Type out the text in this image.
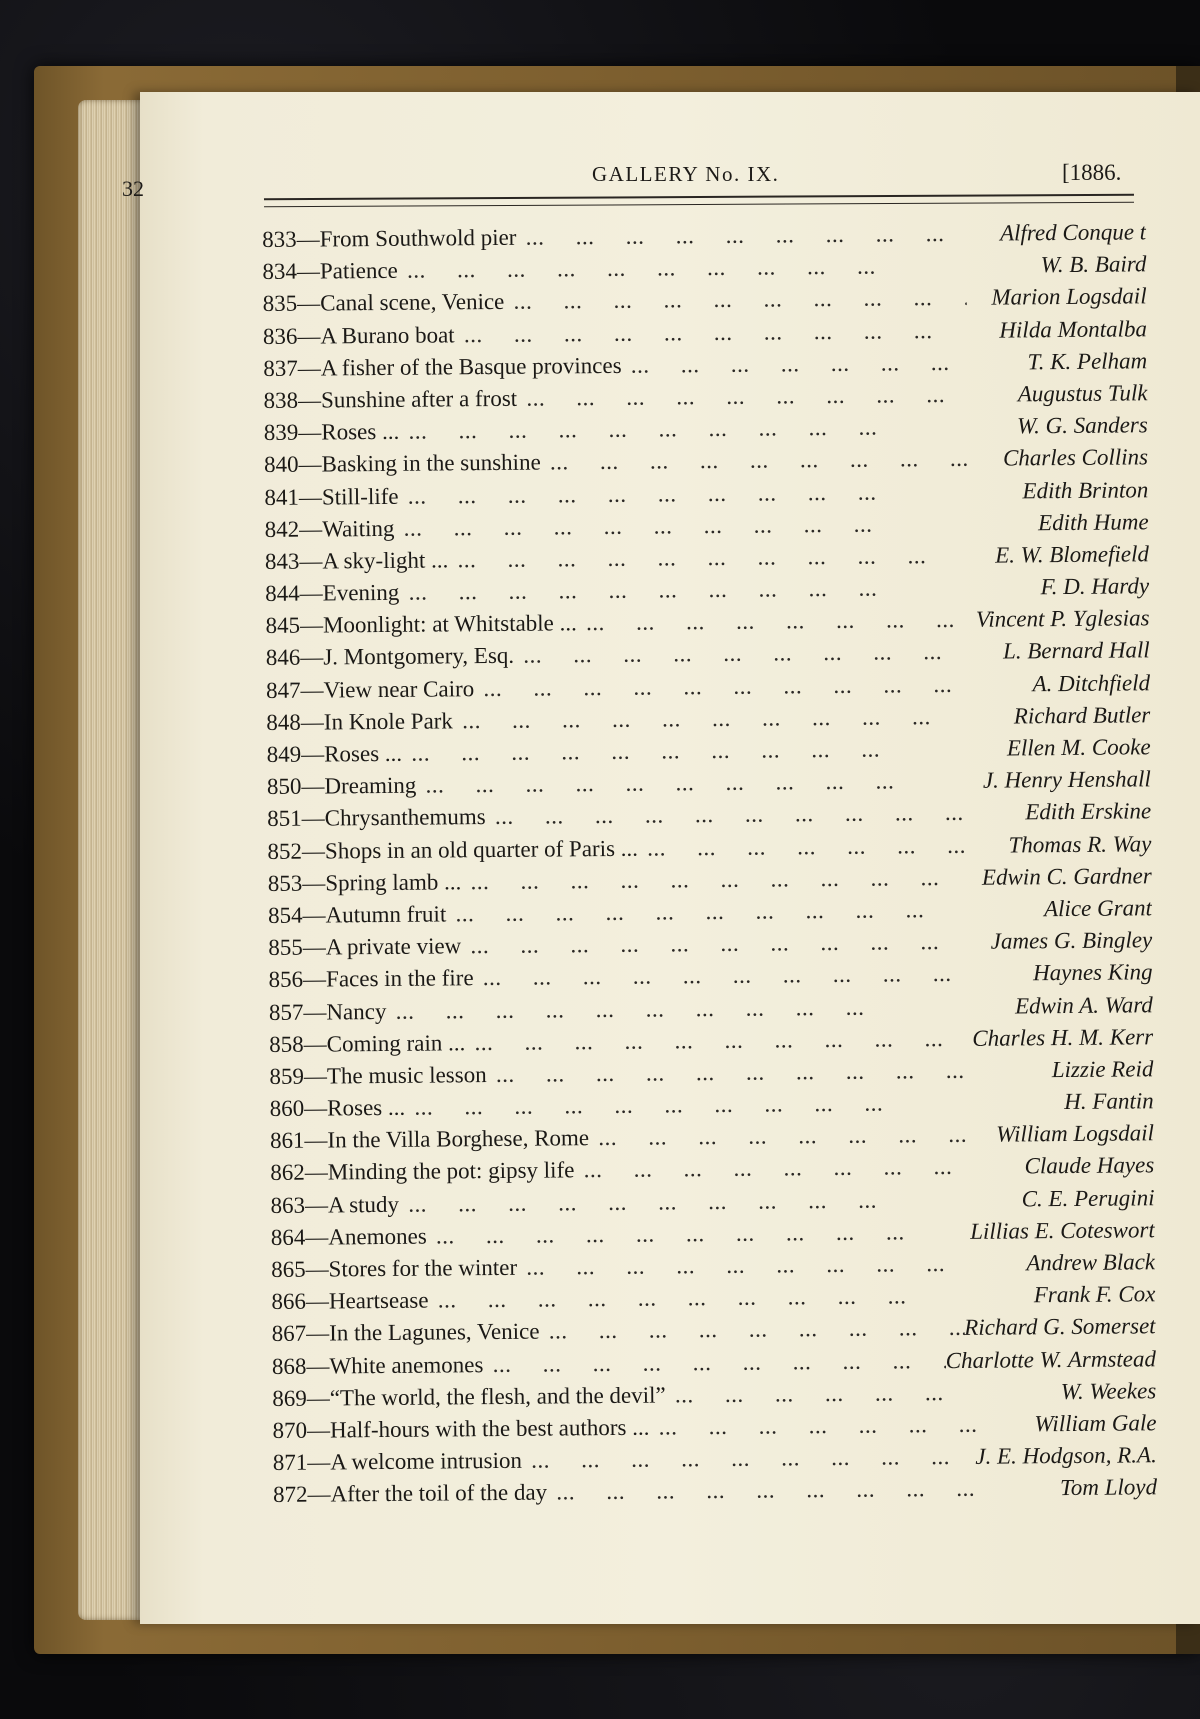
32
GALLERY No. IX.	[1886.
833—From Southwold pier ...	Alfred Conque t
834—Patience ...	W. B. Baird
835—Canal scene, Venice ...	Marion Logsdail
836—A Burano boat ...	Hilda Montalba
837—A fisher of the Basque provinces ...	T. K. Pelham
838—Sunshine after a frost ...	Augustus Tulk
839—Roses ... ...	W. G. Sanders
840—Basking in the sunshine ...	Charles Collins
841—Still-life ...	Edith Brinton
842—Waiting ...	Edith Hume
843—A sky-light ... ...	E. W. Blomefield
844—Evening ...	F. D. Hardy
845—Moonlight: at Whitstable ... ...	Vincent P. Yglesias
846—J. Montgomery, Esq. ...	L. Bernard Hall
847—View near Cairo ...	A. Ditchfield
848—In Knole Park ...	Richard Butler
849—Roses ... ...	Ellen M. Cooke
850—Dreaming ...	J. Henry Henshall
851—Chrysanthemums ...	Edith Erskine
852—Shops in an old quarter of Paris ... ...	Thomas R. Way
853—Spring lamb ... ...	Edwin C. Gardner
854—Autumn fruit ...	Alice Grant
855—A private view ...	James G. Bingley
856—Faces in the fire ...	Haynes King
857—Nancy ...	Edwin A. Ward
858—Coming rain ... ...	Charles H. M. Kerr
859—The music lesson ...	Lizzie Reid
860—Roses ... ...	H. Fantin
861—In the Villa Borghese, Rome ...	William Logsdail
862—Minding the pot: gipsy life ...	Claude Hayes
863—A study ...	C. E. Perugini
864—Anemones ...	Lillias E. Coteswort
865—Stores for the winter ...	Andrew Black
866—Heartsease ...	Frank F. Cox
867—In the Lagunes, Venice ...	Richard G. Somerset
868—White anemones ...	Charlotte W. Armstead
869—“The world, the flesh, and the devil” ...	W. Weekes
870—Half-hours with the best authors ... ...	William Gale
871—A welcome intrusion ...	J. E. Hodgson, R.A.
872—After the toil of the day ...	Tom Lloyd
